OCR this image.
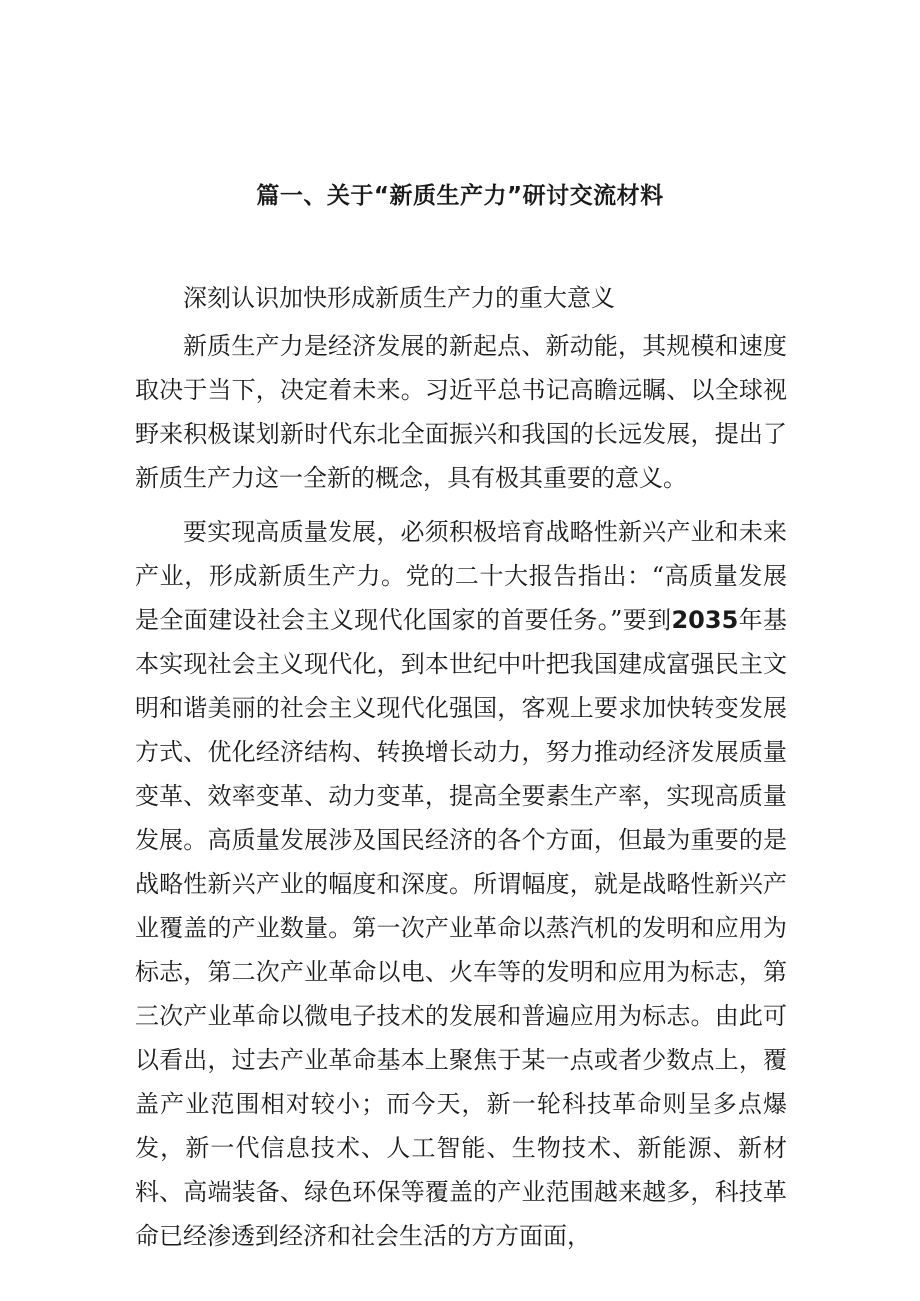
篇一、关于“新质生产力”研讨交流材料

深刻认识加快形成新质生产力的重大意义

新质生产力是经济发展的新起点、新动能，其规模和速度取决于当下，决定着未来。习近平总书记高瞻远瞩、以全球视野来积极谋划新时代东北全面振兴和我国的长远发展，提出了新质生产力这一全新的概念，具有极其重要的意义。

要实现高质量发展，必须积极培育战略性新兴产业和未来产业，形成新质生产力。党的二十大报告指出：“高质量发展是全面建设社会主义现代化国家的首要任务。”要到2035年基本实现社会主义现代化，到本世纪中叶把我国建成富强民主文明和谐美丽的社会主义现代化强国，客观上要求加快转变发展方式、优化经济结构、转换增长动力，努力推动经济发展质量变革、效率变革、动力变革，提高全要素生产率，实现高质量发展。高质量发展涉及国民经济的各个方面，但最为重要的是战略性新兴产业的幅度和深度。所谓幅度，就是战略性新兴产业覆盖的产业数量。第一次产业革命以蒸汽机的发明和应用为标志，第二次产业革命以电、火车等的发明和应用为标志，第三次产业革命以微电子技术的发展和普遍应用为标志。由此可以看出，过去产业革命基本上聚焦于某一点或者少数点上，覆盖产业范围相对较小；而今天，新一轮科技革命则呈多点爆发，新一代信息技术、人工智能、生物技术、新能源、新材料、高端装备、绿色环保等覆盖的产业范围越来越多，科技革命已经渗透到经济和社会生活的方方面面，
